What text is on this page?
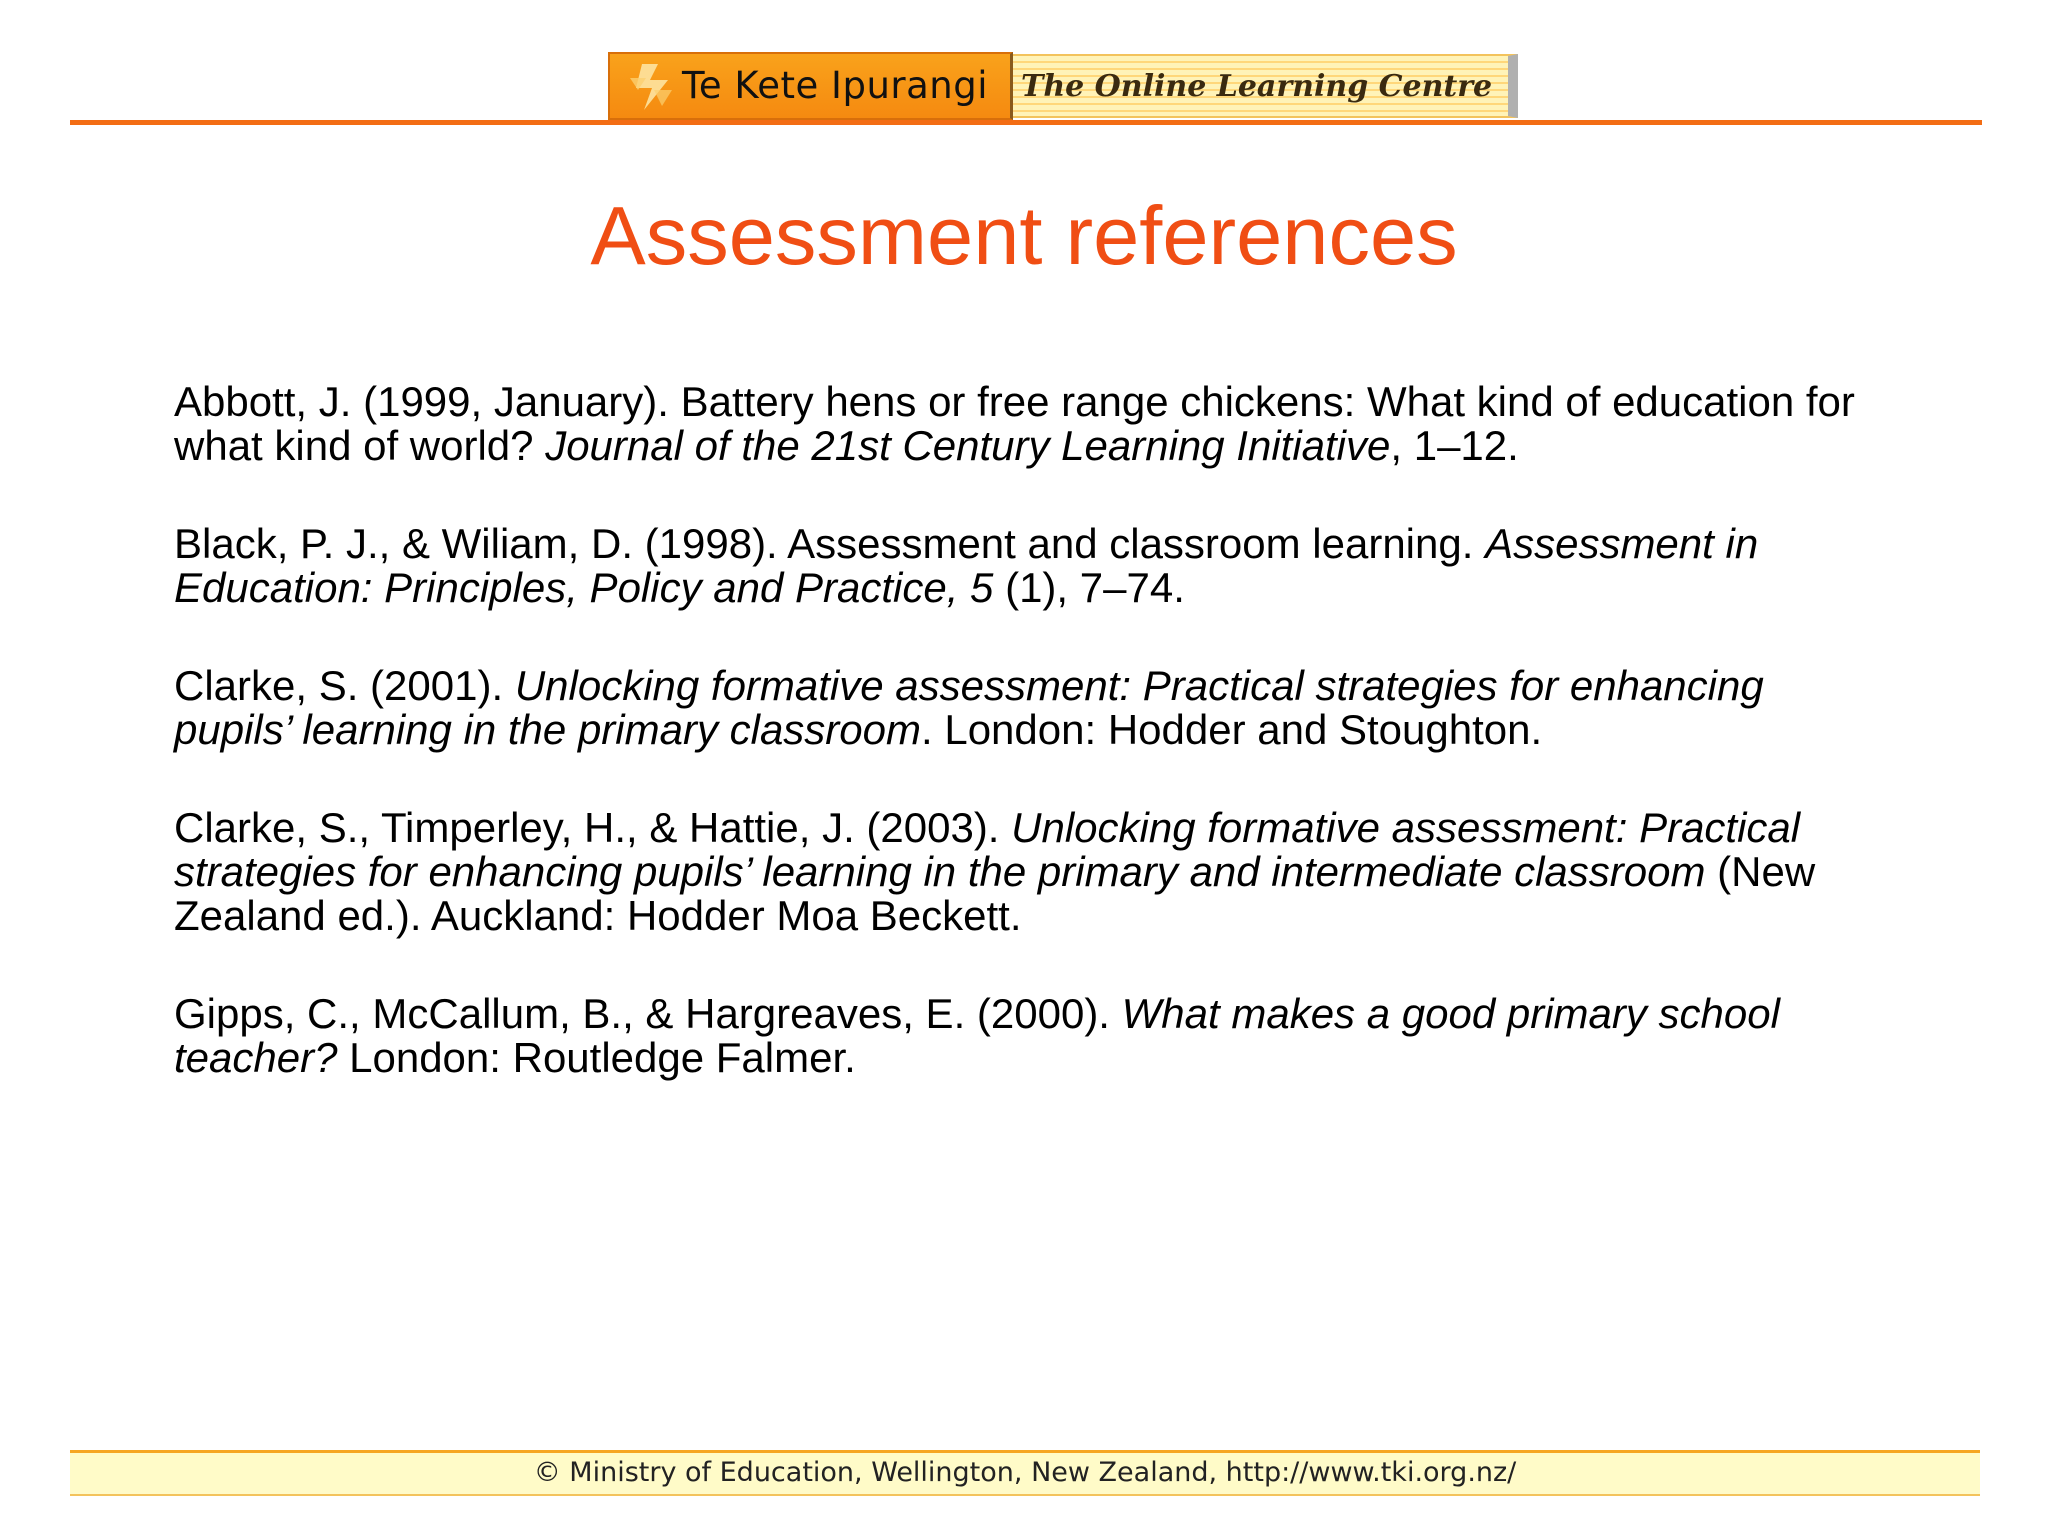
Te Kete Ipurangi The Online Learning Centre
Assessment references

Abbott, J. (1999, January). Battery hens or free range chickens: What kind of education for what kind of world? Journal of the 21st Century Learning Initiative, 1–12.

Black, P. J., & Wiliam, D. (1998). Assessment and classroom learning. Assessment in Education: Principles, Policy and Practice, 5 (1), 7–74.

Clarke, S. (2001). Unlocking formative assessment: Practical strategies for enhancing pupils’ learning in the primary classroom. London: Hodder and Stoughton.

Clarke, S., Timperley, H., & Hattie, J. (2003). Unlocking formative assessment: Practical strategies for enhancing pupils’ learning in the primary and intermediate classroom (New Zealand ed.). Auckland: Hodder Moa Beckett.

Gipps, C., McCallum, B., & Hargreaves, E. (2000). What makes a good primary school teacher? London: Routledge Falmer.

© Ministry of Education, Wellington, New Zealand, http://www.tki.org.nz/
